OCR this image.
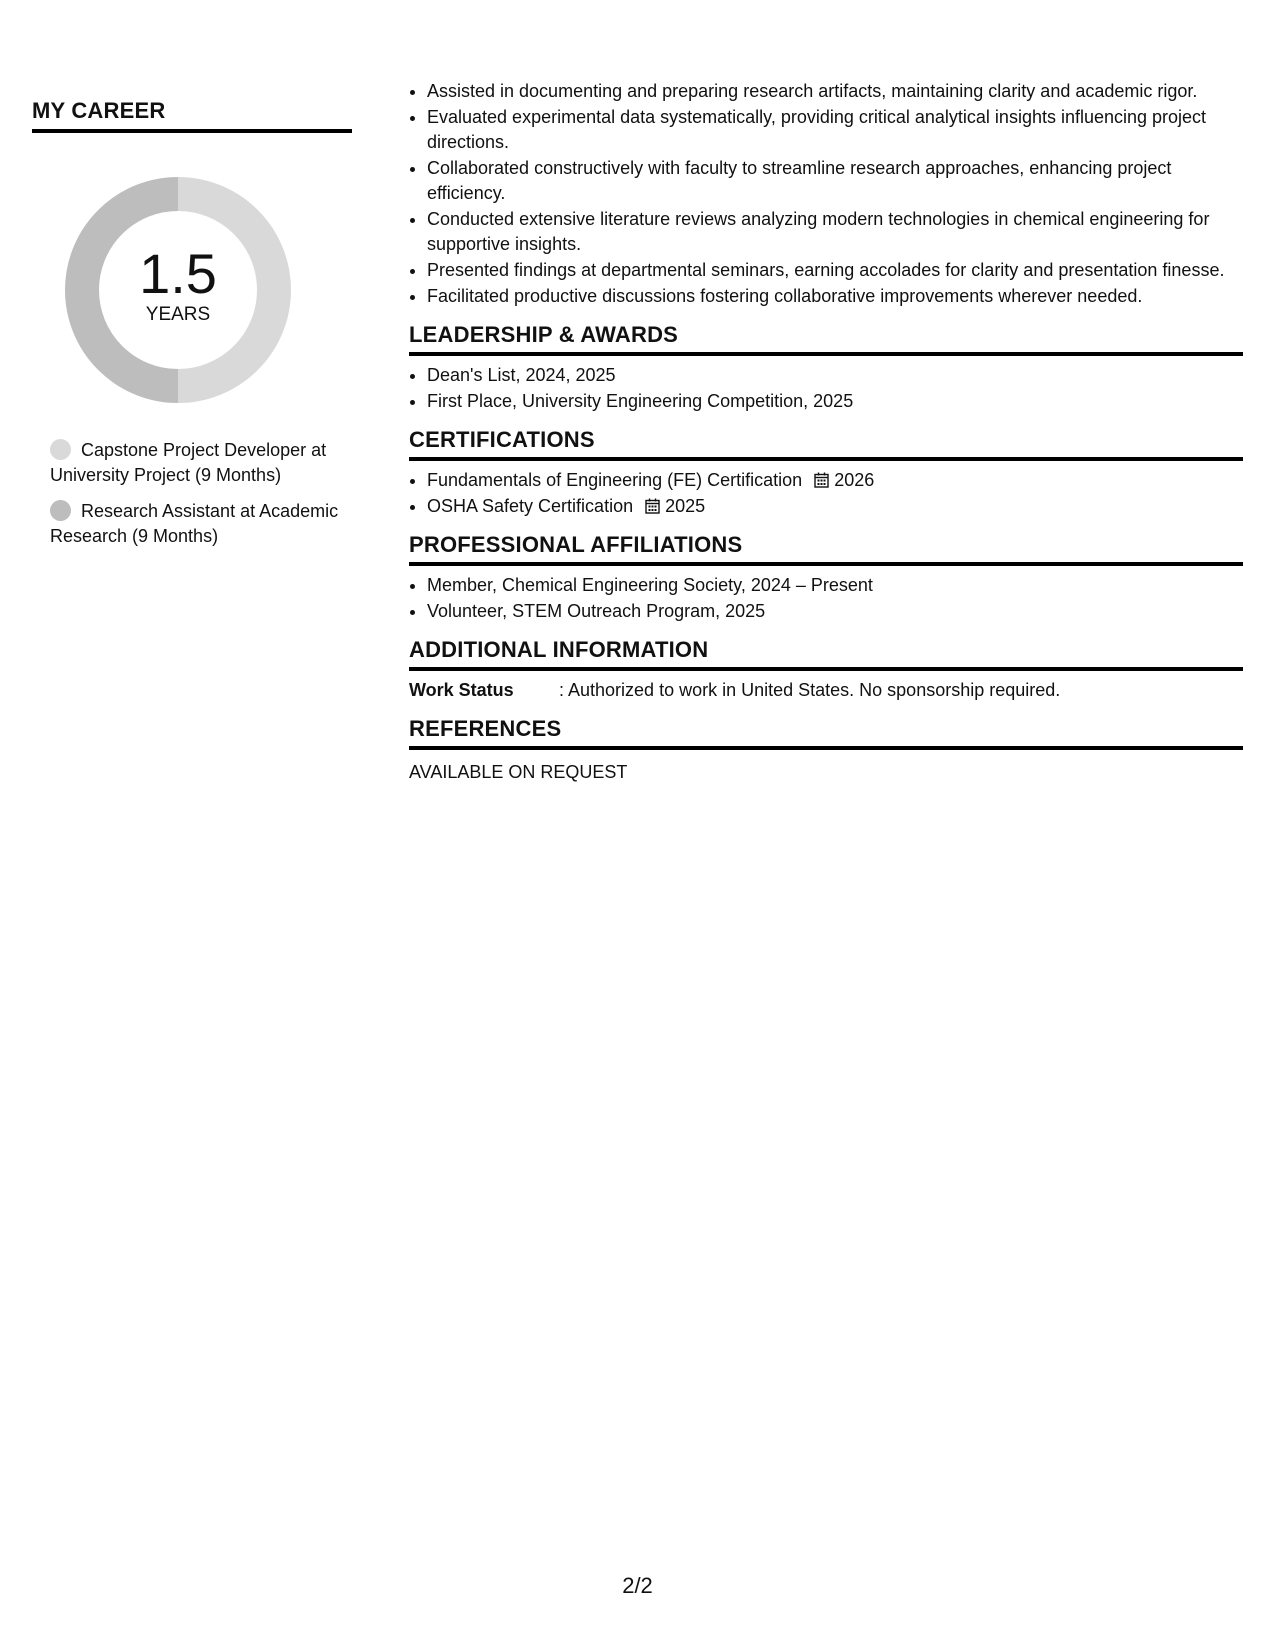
MY CAREER
1.5
YEARS
Capstone Project Developer at University Project (9 Months)
Research Assistant at Academic Research (9 Months)
• Assisted in documenting and preparing research artifacts, maintaining clarity and academic rigor.
• Evaluated experimental data systematically, providing critical analytical insights influencing project directions.
• Collaborated constructively with faculty to streamline research approaches, enhancing project efficiency.
• Conducted extensive literature reviews analyzing modern technologies in chemical engineering for supportive insights.
• Presented findings at departmental seminars, earning accolades for clarity and presentation finesse.
• Facilitated productive discussions fostering collaborative improvements wherever needed.
LEADERSHIP & AWARDS
• Dean's List, 2024, 2025
• First Place, University Engineering Competition, 2025
CERTIFICATIONS
• Fundamentals of Engineering (FE) Certification 2026
• OSHA Safety Certification 2025
PROFESSIONAL AFFILIATIONS
• Member, Chemical Engineering Society, 2024 – Present
• Volunteer, STEM Outreach Program, 2025
ADDITIONAL INFORMATION
Work Status	: Authorized to work in United States. No sponsorship required.
REFERENCES
AVAILABLE ON REQUEST
2/2
